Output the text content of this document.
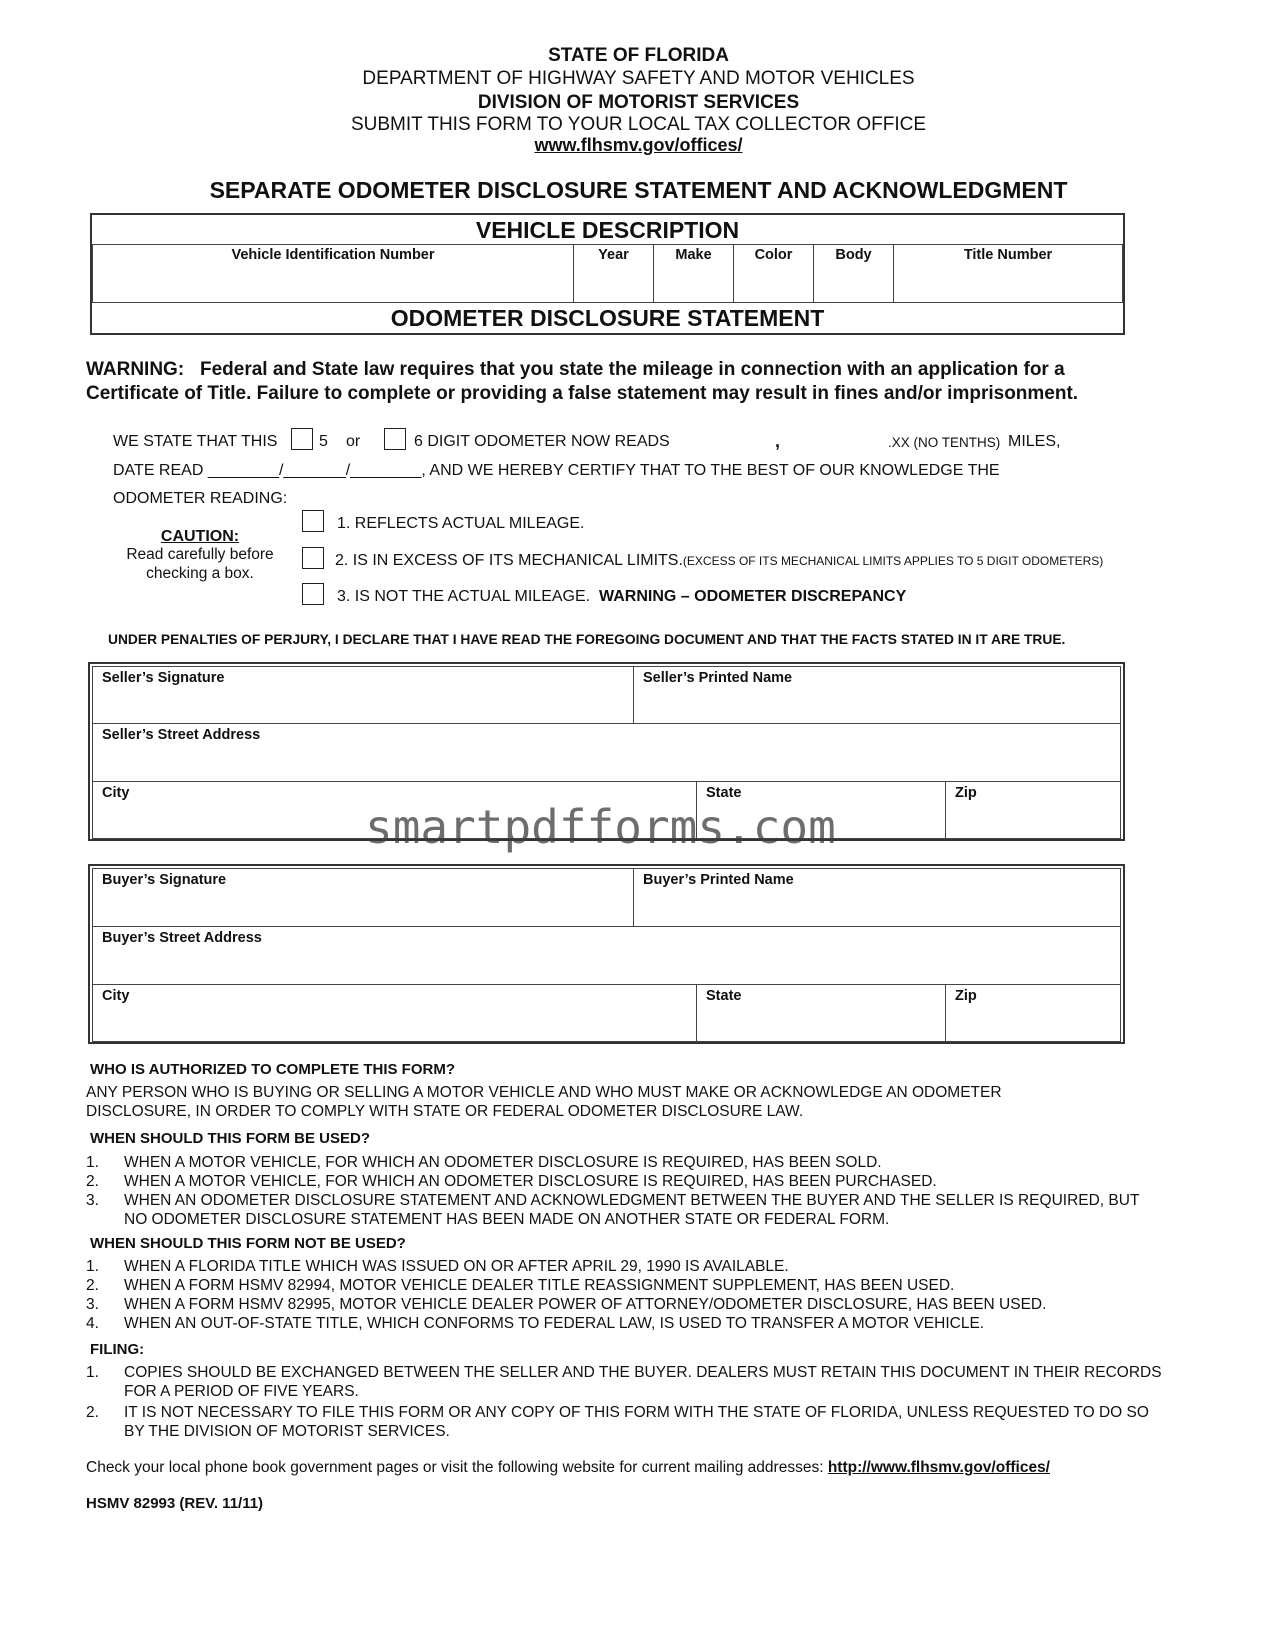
STATE OF FLORIDA
DEPARTMENT OF HIGHWAY SAFETY AND MOTOR VEHICLES
DIVISION OF MOTORIST SERVICES
SUBMIT THIS FORM TO YOUR LOCAL TAX COLLECTOR OFFICE
www.flhsmv.gov/offices/
SEPARATE ODOMETER DISCLOSURE STATEMENT AND ACKNOWLEDGMENT
VEHICLE DESCRIPTION
Vehicle Identification Number	Year	Make	Color	Body	Title Number
ODOMETER DISCLOSURE STATEMENT
WARNING:   Federal and State law requires that you state the mileage in connection with an application for a
Certificate of Title. Failure to complete or providing a false statement may result in fines and/or imprisonment.
WE STATE THAT THIS	5 or	6 DIGIT ODOMETER NOW READS	,	.XX (NO TENTHS) MILES,
DATE READ ________/_______/________, AND WE HEREBY CERTIFY THAT TO THE BEST OF OUR KNOWLEDGE THE
ODOMETER READING:
CAUTION:
Read carefully before
checking a box.
1. REFLECTS ACTUAL MILEAGE.
2. IS IN EXCESS OF ITS MECHANICAL LIMITS.(EXCESS OF ITS MECHANICAL LIMITS APPLIES TO 5 DIGIT ODOMETERS)
3. IS NOT THE ACTUAL MILEAGE. WARNING – ODOMETER DISCREPANCY
UNDER PENALTIES OF PERJURY, I DECLARE THAT I HAVE READ THE FOREGOING DOCUMENT AND THAT THE FACTS STATED IN IT ARE TRUE.
Seller’s Signature	Seller’s Printed Name
Seller’s Street Address
City	State	Zip
smartpdfforms.com
Buyer’s Signature	Buyer’s Printed Name
Buyer’s Street Address
City	State	Zip
WHO IS AUTHORIZED TO COMPLETE THIS FORM?
ANY PERSON WHO IS BUYING OR SELLING A MOTOR VEHICLE AND WHO MUST MAKE OR ACKNOWLEDGE AN ODOMETER
DISCLOSURE, IN ORDER TO COMPLY WITH STATE OR FEDERAL ODOMETER DISCLOSURE LAW.
WHEN SHOULD THIS FORM BE USED?
1. WHEN A MOTOR VEHICLE, FOR WHICH AN ODOMETER DISCLOSURE IS REQUIRED, HAS BEEN SOLD.
2. WHEN A MOTOR VEHICLE, FOR WHICH AN ODOMETER DISCLOSURE IS REQUIRED, HAS BEEN PURCHASED.
3. WHEN AN ODOMETER DISCLOSURE STATEMENT AND ACKNOWLEDGMENT BETWEEN THE BUYER AND THE SELLER IS REQUIRED, BUT NO ODOMETER DISCLOSURE STATEMENT HAS BEEN MADE ON ANOTHER STATE OR FEDERAL FORM.
WHEN SHOULD THIS FORM NOT BE USED?
1. WHEN A FLORIDA TITLE WHICH WAS ISSUED ON OR AFTER APRIL 29, 1990 IS AVAILABLE.
2. WHEN A FORM HSMV 82994, MOTOR VEHICLE DEALER TITLE REASSIGNMENT SUPPLEMENT, HAS BEEN USED.
3. WHEN A FORM HSMV 82995, MOTOR VEHICLE DEALER POWER OF ATTORNEY/ODOMETER DISCLOSURE, HAS BEEN USED.
4. WHEN AN OUT-OF-STATE TITLE, WHICH CONFORMS TO FEDERAL LAW, IS USED TO TRANSFER A MOTOR VEHICLE.
FILING:
1. COPIES SHOULD BE EXCHANGED BETWEEN THE SELLER AND THE BUYER. DEALERS MUST RETAIN THIS DOCUMENT IN THEIR RECORDS FOR A PERIOD OF FIVE YEARS.
2. IT IS NOT NECESSARY TO FILE THIS FORM OR ANY COPY OF THIS FORM WITH THE STATE OF FLORIDA, UNLESS REQUESTED TO DO SO BY THE DIVISION OF MOTORIST SERVICES.
Check your local phone book government pages or visit the following website for current mailing addresses: http://www.flhsmv.gov/offices/
HSMV 82993 (REV. 11/11)
